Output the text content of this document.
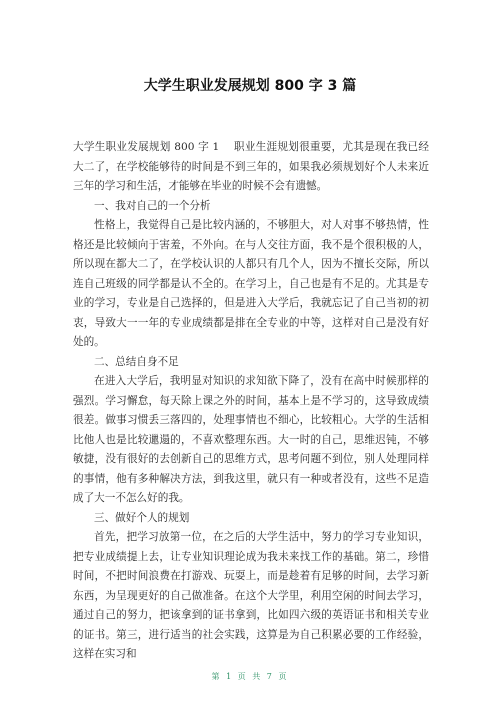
大学生职业发展规划 800 字 3 篇

大学生职业发展规划 800 字 1　 职业生涯规划很重要，尤其是现在我已经大二了，在学校能够待的时间是不到三年的，如果我必须规划好个人未来近三年的学习和生活，才能够在毕业的时候不会有遗憾。

一、我对自己的一个分析

性格上，我觉得自己是比较内涵的，不够胆大，对人对事不够热情，性格还是比较倾向于害羞，不外向。在与人交往方面，我不是个很积极的人，所以现在都大二了，在学校认识的人都只有几个人，因为不擅长交际，所以连自己班级的同学都是认不全的。在学习上，自己也是有不足的。尤其是专业的学习，专业是自己选择的，但是进入大学后，我就忘记了自己当初的初衷，导致大一一年的专业成绩都是排在全专业的中等，这样对自己是没有好处的。

二、总结自身不足

在进入大学后，我明显对知识的求知欲下降了，没有在高中时候那样的强烈。学习懈怠，每天除上课之外的时间，基本上是不学习的，这导致成绩很差。做事习惯丢三落四的，处理事情也不细心，比较粗心。大学的生活相比他人也是比较邋遢的，不喜欢整理东西。大一时的自己，思维迟钝，不够敏捷，没有很好的去创新自己的思维方式，思考问题不到位，别人处理同样的事情，他有多种解决方法，到我这里，就只有一种或者没有，这些不足造成了大一不怎么好的我。

三、做好个人的规划

首先，把学习放第一位，在之后的大学生活中，努力的学习专业知识，把专业成绩提上去，让专业知识理论成为我未来找工作的基础。第二，珍惜时间，不把时间浪费在打游戏、玩耍上，而是趁着有足够的时间，去学习新东西，为呈现更好的自己做准备。在这个大学里，利用空闲的时间去学习，通过自己的努力，把该拿到的证书拿到，比如四六级的英语证书和相关专业的证书。第三，进行适当的社会实践，这算是为自己积累必要的工作经验，这样在实习和

第 1 页 共 7 页
